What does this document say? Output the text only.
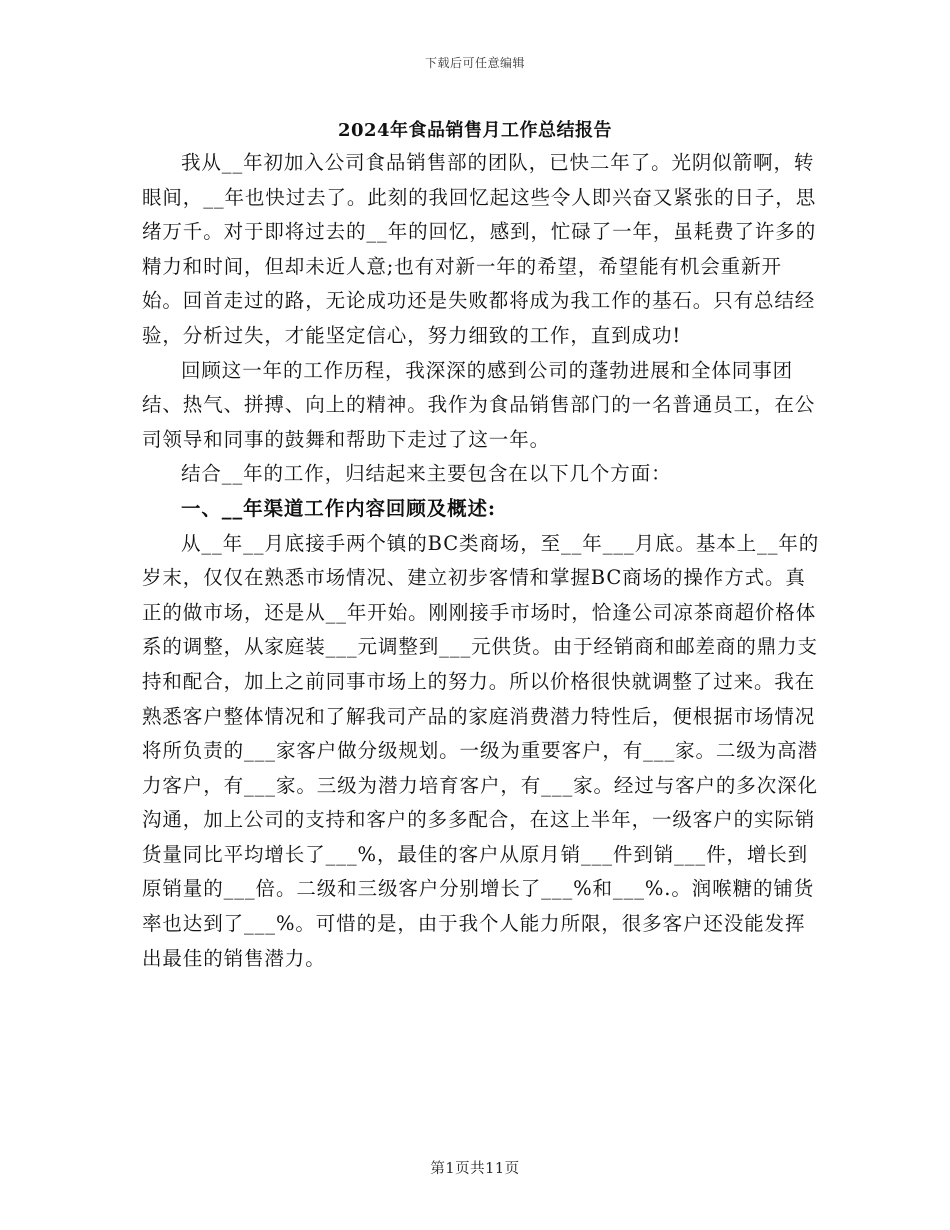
下载后可任意编辑
2024年食品销售月工作总结报告

我从__年初加入公司食品销售部的团队，已快二年了。光阴似箭啊，转眼间，__年也快过去了。此刻的我回忆起这些令人即兴奋又紧张的日子，思绪万千。对于即将过去的__年的回忆，感到，忙碌了一年，虽耗费了许多的精力和时间，但却未近人意;也有对新一年的希望，希望能有机会重新开始。回首走过的路，无论成功还是失败都将成为我工作的基石。只有总结经验，分析过失，才能坚定信心，努力细致的工作，直到成功!

回顾这一年的工作历程，我深深的感到公司的蓬勃进展和全体同事团结、热气、拼搏、向上的精神。我作为食品销售部门的一名普通员工，在公司领导和同事的鼓舞和帮助下走过了这一年。

结合__年的工作，归结起来主要包含在以下几个方面：

一、__年渠道工作内容回顾及概述:

从__年__月底接手两个镇的BC类商场，至__年___月底。基本上__年的岁末，仅仅在熟悉市场情况、建立初步客情和掌握BC商场的操作方式。真正的做市场，还是从__年开始。刚刚接手市场时，恰逢公司凉茶商超价格体系的调整，从家庭装___元调整到___元供货。由于经销商和邮差商的鼎力支持和配合，加上之前同事市场上的努力。所以价格很快就调整了过来。我在熟悉客户整体情况和了解我司产品的家庭消费潜力特性后，便根据市场情况将所负责的___家客户做分级规划。一级为重要客户，有___家。二级为高潜力客户，有___家。三级为潜力培育客户，有___家。经过与客户的多次深化沟通，加上公司的支持和客户的多多配合，在这上半年，一级客户的实际销货量同比平均增长了___%，最佳的客户从原月销___件到销___件，增长到原销量的___倍。二级和三级客户分别增长了___%和___%.。润喉糖的铺货率也达到了___%。可惜的是，由于我个人能力所限，很多客户还没能发挥出最佳的销售潜力。

第1页共11页
